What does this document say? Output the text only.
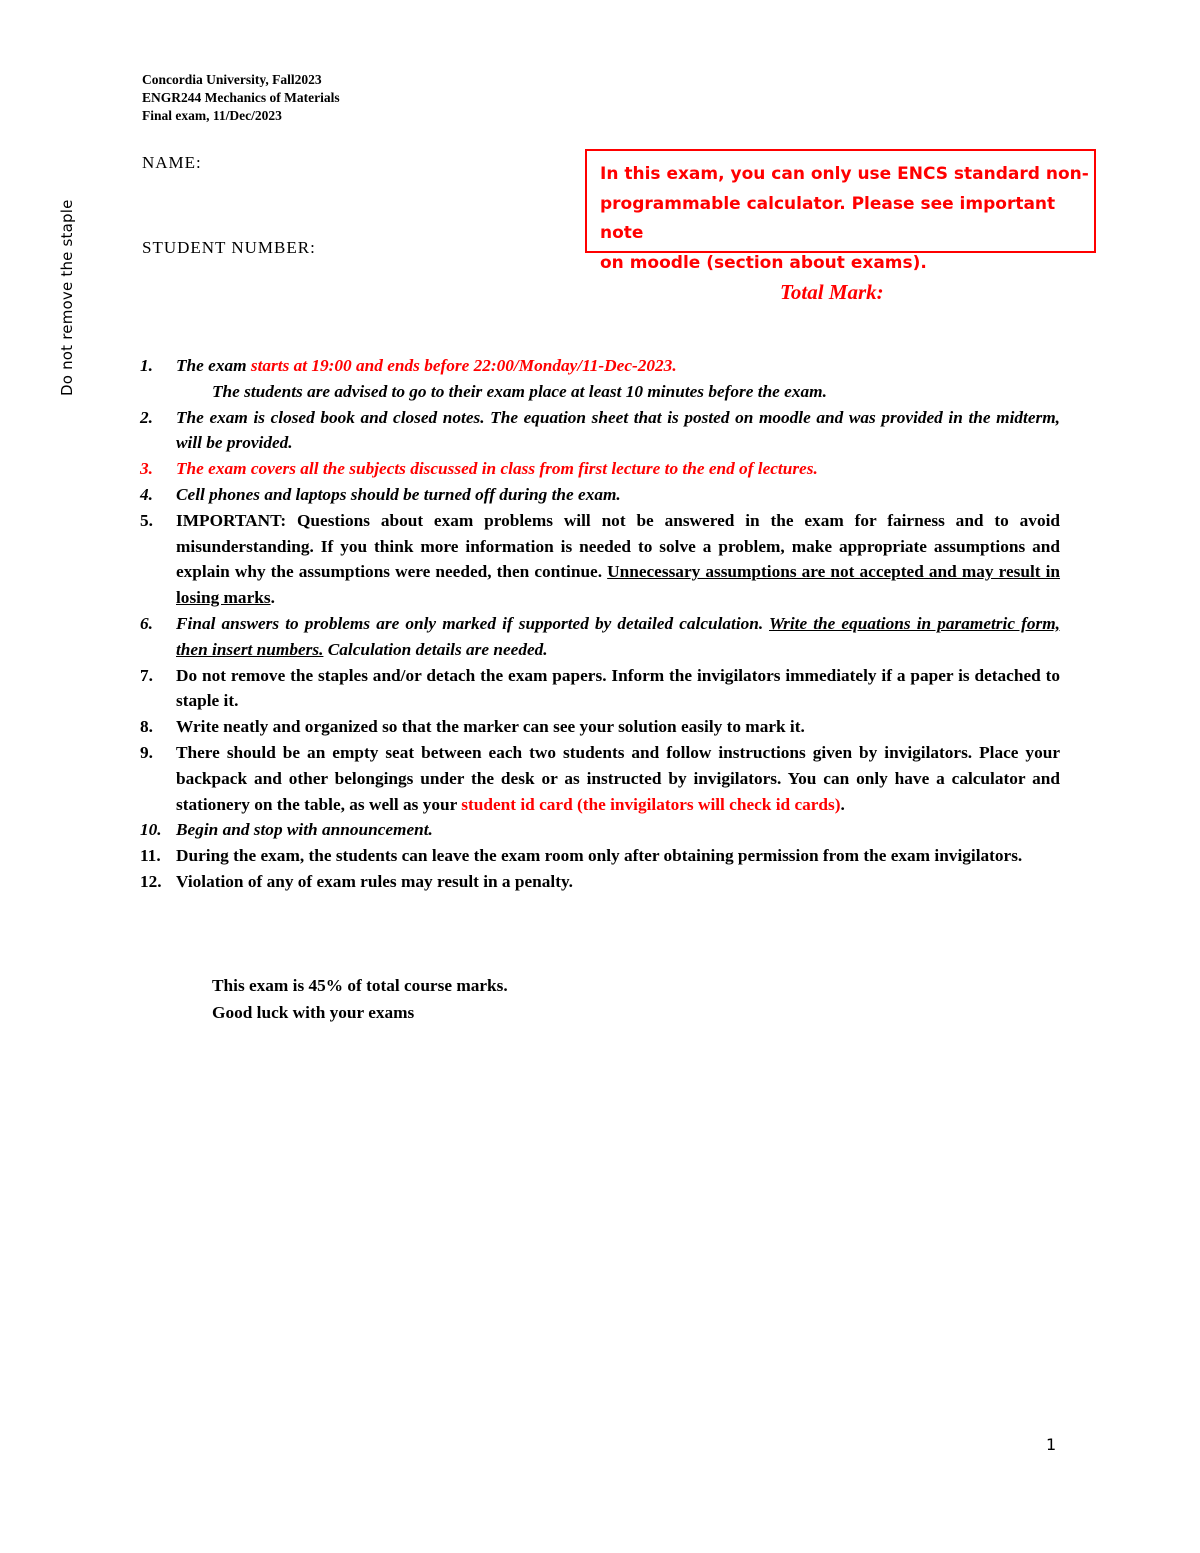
Do not remove the staple
Concordia University, Fall2023
ENGR244 Mechanics of Materials
Final exam, 11/Dec/2023
NAME:
STUDENT NUMBER:
In this exam, you can only use ENCS standard non-
programmable calculator. Please see important note
on moodle (section about exams).
Total Mark:
1. The exam starts at 19:00 and ends before 22:00/Monday/11-Dec-2023.
The students are advised to go to their exam place at least 10 minutes before the exam.
2. The exam is closed book and closed notes. The equation sheet that is posted on moodle and was provided in the midterm, will be provided.
3. The exam covers all the subjects discussed in class from first lecture to the end of lectures.
4. Cell phones and laptops should be turned off during the exam.
5. IMPORTANT: Questions about exam problems will not be answered in the exam for fairness and to avoid misunderstanding. If you think more information is needed to solve a problem, make appropriate assumptions and explain why the assumptions were needed, then continue. Unnecessary assumptions are not accepted and may result in losing marks.
6. Final answers to problems are only marked if supported by detailed calculation. Write the equations in parametric form, then insert numbers. Calculation details are needed.
7. Do not remove the staples and/or detach the exam papers. Inform the invigilators immediately if a paper is detached to staple it.
8. Write neatly and organized so that the marker can see your solution easily to mark it.
9. There should be an empty seat between each two students and follow instructions given by invigilators. Place your backpack and other belongings under the desk or as instructed by invigilators. You can only have a calculator and stationery on the table, as well as your student id card (the invigilators will check id cards).
10. Begin and stop with announcement.
11. During the exam, the students can leave the exam room only after obtaining permission from the exam invigilators.
12. Violation of any of exam rules may result in a penalty.
This exam is 45% of total course marks.
Good luck with your exams
1
